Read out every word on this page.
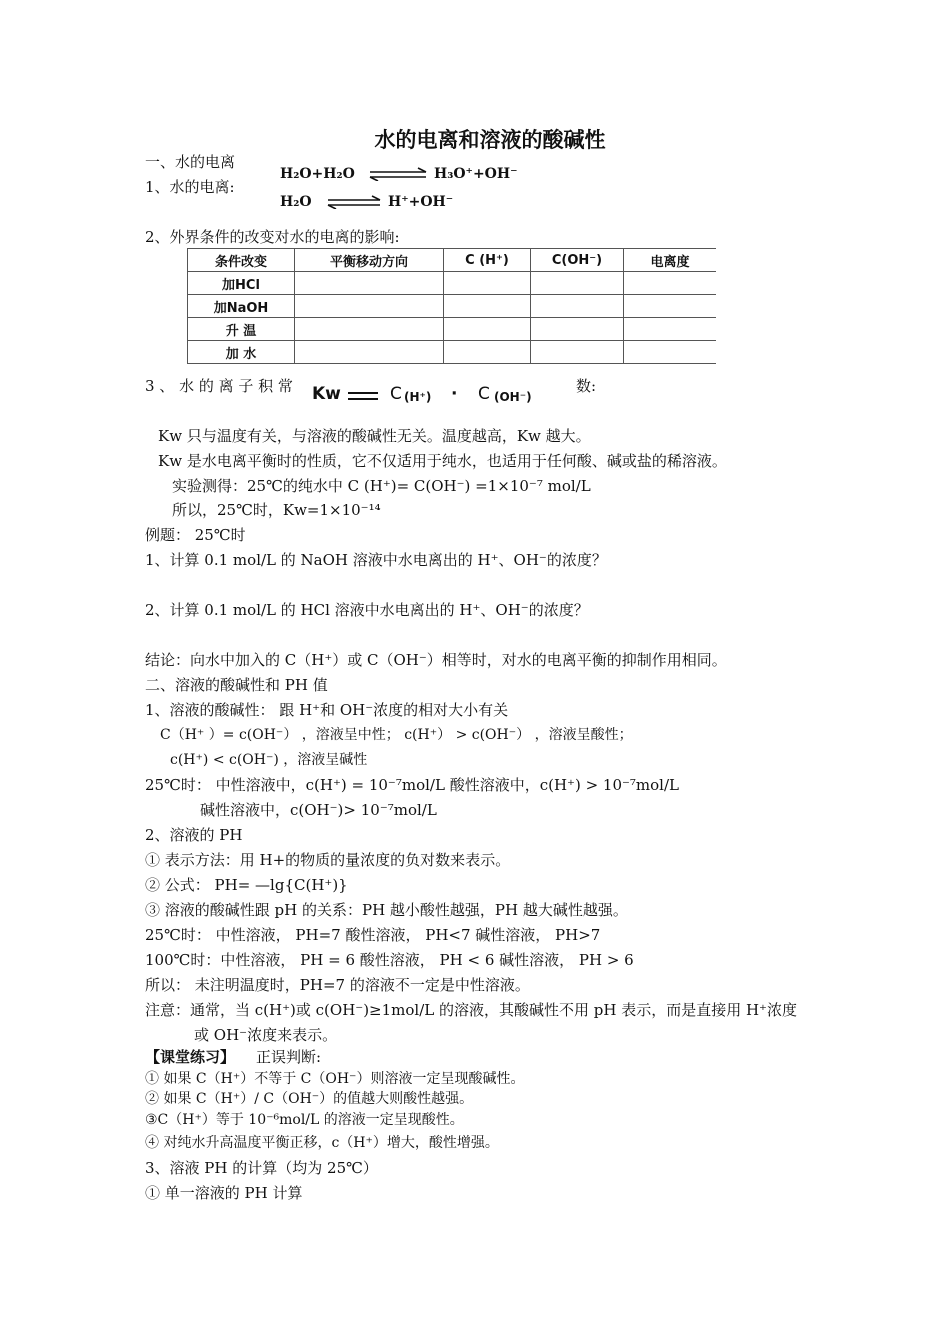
水的电离和溶液的酸碱性
一、水的电离
1、水的电离:
H₂O+H₂O ⇌ H₃O⁺+OH⁻
H₂O ⇌ H⁺+OH⁻
2、外界条件的改变对水的电离的影响:
条件改变	平衡移动方向	C (H⁺)	C(OH⁻)	电离度
加HCl				
加NaOH				
升 温				
加 水				
3 、 水 的 离 子 积 常	数:
Kw	C (H⁺) · C (OH⁻)
Kw 只与温度有关，与溶液的酸碱性无关。温度越高，Kw 越大。
Kw 是水电离平衡时的性质，它不仅适用于纯水，也适用于任何酸、碱或盐的稀溶液。
实验测得：25℃的纯水中 C (H⁺)= C(OH⁻) =1×10⁻⁷ mol/L
所以，25℃时，Kw=1×10⁻¹⁴
例题： 25℃时
1、计算 0.1 mol/L 的 NaOH 溶液中水电离出的 H⁺、OH⁻的浓度？
2、计算 0.1 mol/L 的 HCl 溶液中水电离出的 H⁺、OH⁻的浓度？
结论：向水中加入的 C（H⁺）或 C（OH⁻）相等时，对水的电离平衡的抑制作用相同。
二、溶液的酸碱性和 PH 值
1、溶液的酸碱性： 跟 H⁺和 OH⁻浓度的相对大小有关
C（H⁺ ）= c(OH⁻） ，溶液呈中性； c(H⁺） > c(OH⁻） ，溶液呈酸性；
c(H⁺) < c(OH⁻) ，溶液呈碱性
25℃时： 中性溶液中，c(H⁺) = 10⁻⁷mol/L 酸性溶液中，c(H⁺) > 10⁻⁷mol/L
碱性溶液中，c(OH⁻)> 10⁻⁷mol/L
2、溶液的 PH
① 表示方法：用 H+的物质的量浓度的负对数来表示。
② 公式： PH= —lg{C(H⁺)}
③ 溶液的酸碱性跟 pH 的关系：PH 越小酸性越强，PH 越大碱性越强。
25℃时： 中性溶液， PH=7 酸性溶液， PH<7 碱性溶液， PH>7
100℃时：中性溶液， PH = 6 酸性溶液， PH < 6 碱性溶液， PH > 6
所以： 未注明温度时，PH=7 的溶液不一定是中性溶液。
注意：通常，当 c(H⁺)或 c(OH⁻)≥1mol/L 的溶液，其酸碱性不用 pH 表示，而是直接用 H⁺浓度
或 OH⁻浓度来表示。
【课堂练习】 正误判断:
① 如果 C（H⁺）不等于 C（OH⁻）则溶液一定呈现酸碱性。
② 如果 C（H⁺）/ C（OH⁻）的值越大则酸性越强。
③C（H⁺）等于 10⁻⁶mol/L 的溶液一定呈现酸性。
④ 对纯水升高温度平衡正移，c（H⁺）增大，酸性增强。
3、溶液 PH 的计算（均为 25℃）
① 单一溶液的 PH 计算
